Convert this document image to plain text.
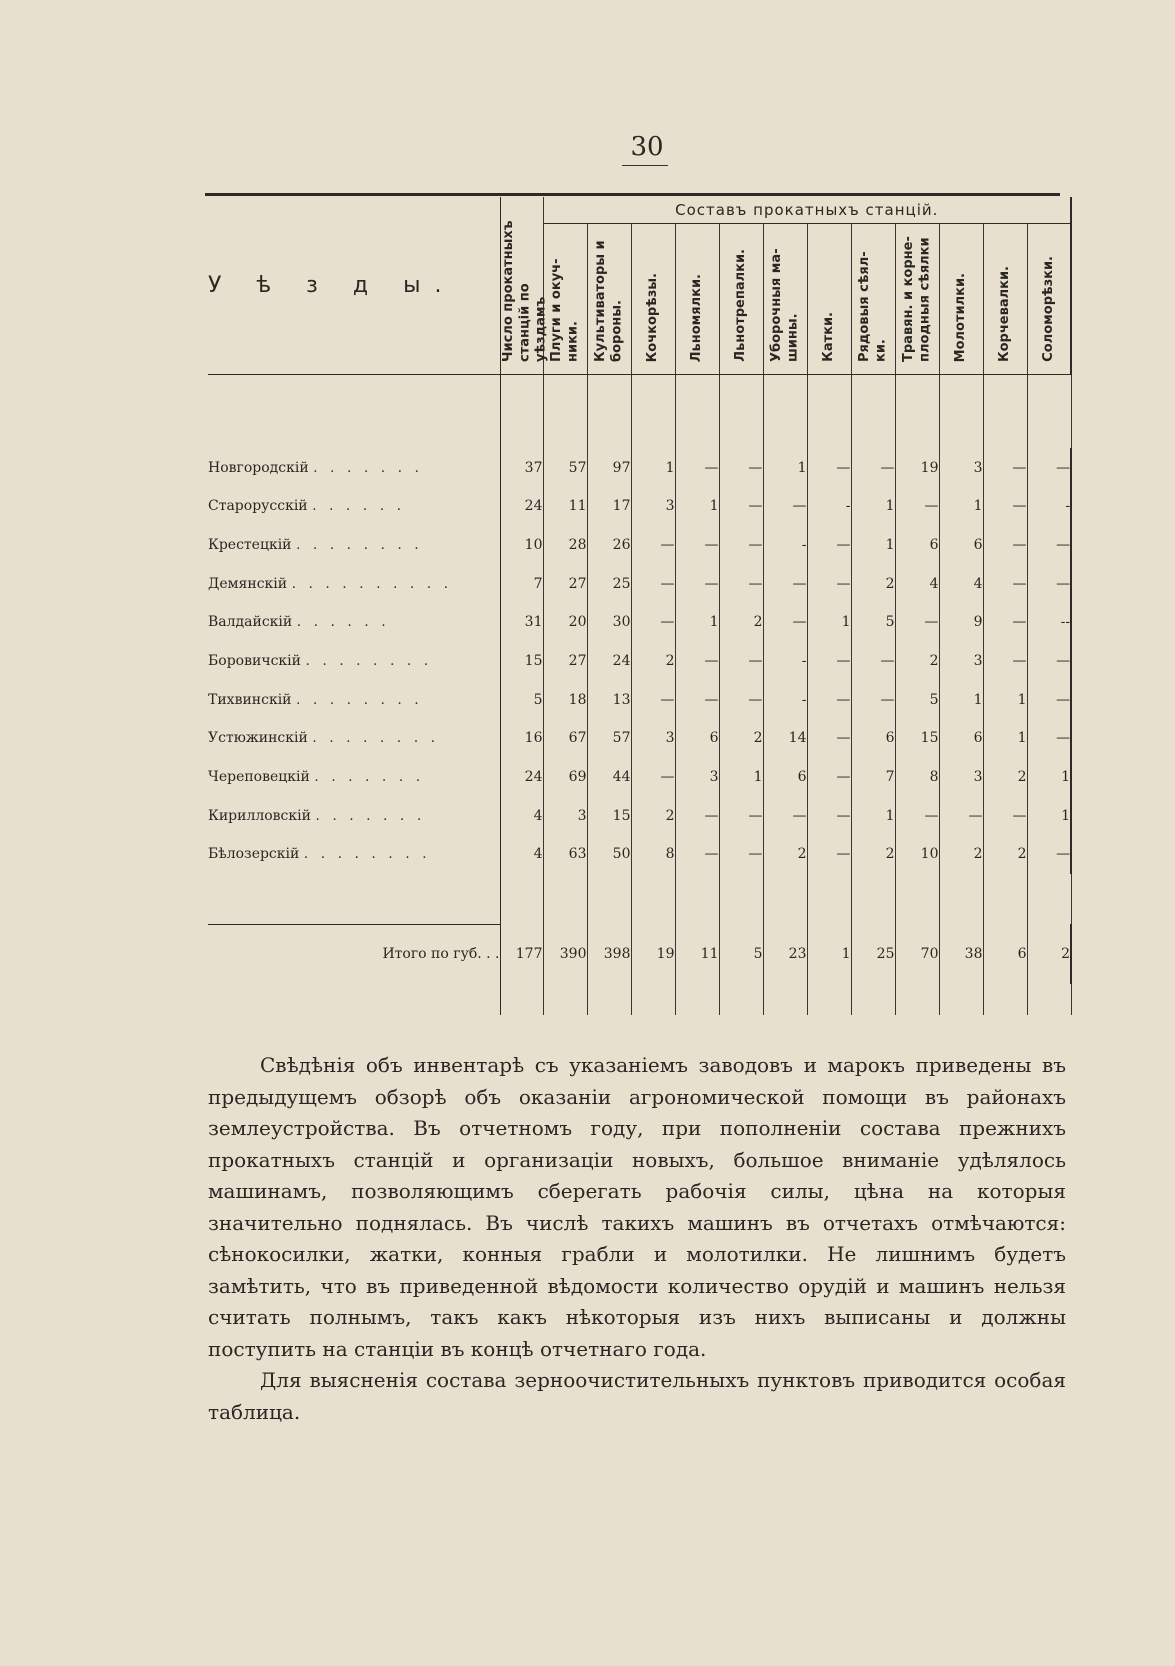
30
У ѣ з д ы.	Число прокатныхъ станцій по уѣздамъ	Составъ прокатныхъ станцій.											
		Плуги и окуч- ники.	Культиваторы и бороны.	Кочкорѣзы.	Льномялки.	Льнотрепалки.	Уборочныя ма- шины.	Катки.	Рядовыя сѣял- ки.	Травян. и корне- плодныя сѣялки	Молотилки.	Корчевалки.	Соломорѣзки.

Новгородскій . . . . . . .	37	57	97	1	—	—	1	—	—	19	3	—	—
Старорусскій . . . . . .	24	11	17	3	1	—	—	-	1	—	1	—	-
Крестецкій . . . . . . . .	10	28	26	—	—	—	-	—	1	6	6	—	—
Демянскій . . . . . . . . . .	7	27	25	—	—	—	—	—	2	4	4	—	—
Валдайскій . . . . . .	31	20	30	—	1	2	—	1	5	—	9	—	--
Боровичскій . . . . . . . .	15	27	24	2	—	—	-	—	—	2	3	—	—
Тихвинскій . . . . . . . .	5	18	13	—	—	—	-	—	—	5	1	1	—
Устюжинскій . . . . . . . .	16	67	57	3	6	2	14	—	6	15	6	1	—
Череповецкій . . . . . . .	24	69	44	—	3	1	6	—	7	8	3	2	1
Кирилловскій . . . . . . .	4	3	15	2	—	—	—	—	1	—	—	—	1
Бѣлозерскій . . . . . . . .	4	63	50	8	—	—	2	—	2	10	2	2	—

Итого по губ. . .	177	390	398	19	11	5	23	1	25	70	38	6	2

Свѣдѣнія объ инвентарѣ съ указаніемъ заводовъ и марокъ приведены въ предыдущемъ обзорѣ объ оказаніи агрономической помощи въ районахъ землеустройства. Въ отчетномъ году, при пополненіи состава прежнихъ прокатныхъ станцій и организаціи новыхъ, большое вниманіе удѣлялось машинамъ, позволяющимъ сберегать рабочія силы, цѣна на которыя значительно поднялась. Въ числѣ такихъ машинъ въ отчетахъ отмѣчаются: сѣнокосилки, жатки, конныя грабли и молотилки. Не лишнимъ будетъ замѣтить, что въ приведенной вѣдомости количество орудій и машинъ нельзя считать полнымъ, такъ какъ нѣкоторыя изъ нихъ выписаны и должны поступить на станціи въ концѣ отчетнаго года.

Для выясненія состава зерноочистительныхъ пунктовъ приводится особая таблица.
